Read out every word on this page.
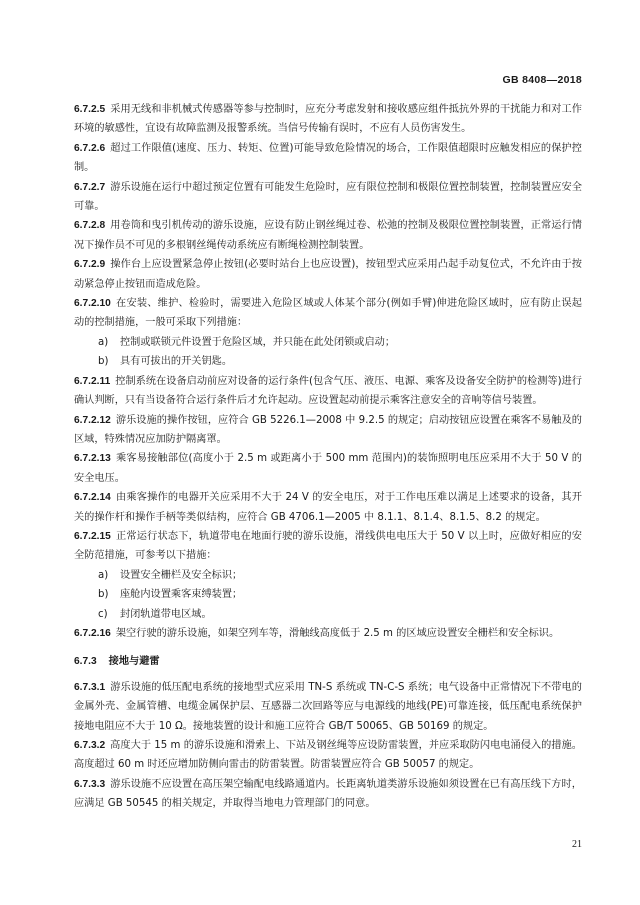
GB 8408—2018

6.7.2.5 采用无线和非机械式传感器等参与控制时，应充分考虑发射和接收感应组件抵抗外界的干扰能力和对工作环境的敏感性，宜设有故障监测及报警系统。当信号传输有误时，不应有人员伤害发生。

6.7.2.6 超过工作限值(速度、压力、转矩、位置)可能导致危险情况的场合，工作限值超限时应触发相应的保护控制。

6.7.2.7 游乐设施在运行中超过预定位置有可能发生危险时，应有限位控制和极限位置控制装置，控制装置应安全可靠。

6.7.2.8 用卷筒和曳引机传动的游乐设施，应设有防止钢丝绳过卷、松弛的控制及极限位置控制装置，正常运行情况下操作员不可见的多根钢丝绳传动系统应有断绳检测控制装置。

6.7.2.9 操作台上应设置紧急停止按钮(必要时站台上也应设置)，按钮型式应采用凸起手动复位式，不允许由于按动紧急停止按钮而造成危险。

6.7.2.10 在安装、维护、检验时，需要进入危险区域或人体某个部分(例如手臂)伸进危险区域时，应有防止误起动的控制措施，一般可采取下列措施：

a) 控制或联锁元件设置于危险区域，并只能在此处闭锁或启动；

b) 具有可拔出的开关钥匙。

6.7.2.11 控制系统在设备启动前应对设备的运行条件(包含气压、液压、电源、乘客及设备安全防护的检测等)进行确认判断，只有当设备符合运行条件后才允许起动。应设置起动前提示乘客注意安全的音响等信号装置。

6.7.2.12 游乐设施的操作按钮，应符合 GB 5226.1—2008 中 9.2.5 的规定；启动按钮应设置在乘客不易触及的区域，特殊情况应加防护隔离罩。

6.7.2.13 乘客易接触部位(高度小于 2.5 m 或距离小于 500 mm 范围内)的装饰照明电压应采用不大于 50 V 的安全电压。

6.7.2.14 由乘客操作的电器开关应采用不大于 24 V 的安全电压，对于工作电压难以满足上述要求的设备，其开关的操作杆和操作手柄等类似结构，应符合 GB 4706.1—2005 中 8.1.1、8.1.4、8.1.5、8.2 的规定。

6.7.2.15 正常运行状态下，轨道带电在地面行驶的游乐设施，滑线供电电压大于 50 V 以上时，应做好相应的安全防范措施，可参考以下措施：

a) 设置安全栅栏及安全标识；

b) 座舱内设置乘客束缚装置；

c) 封闭轨道带电区域。

6.7.2.16 架空行驶的游乐设施，如架空列车等，滑触线高度低于 2.5 m 的区域应设置安全栅栏和安全标识。

6.7.3 接地与避雷

6.7.3.1 游乐设施的低压配电系统的接地型式应采用 TN-S 系统或 TN-C-S 系统；电气设备中正常情况下不带电的金属外壳、金属管槽、电缆金属保护层、互感器二次回路等应与电源线的地线(PE)可靠连接，低压配电系统保护接地电阻应不大于 10 Ω。接地装置的设计和施工应符合 GB/T 50065、GB 50169 的规定。

6.7.3.2 高度大于 15 m 的游乐设施和滑索上、下站及钢丝绳等应设防雷装置，并应采取防闪电电涌侵入的措施。高度超过 60 m 时还应增加防侧向雷击的防雷装置。防雷装置应符合 GB 50057 的规定。

6.7.3.3 游乐设施不应设置在高压架空输配电线路通道内。长距离轨道类游乐设施如须设置在已有高压线下方时，应满足 GB 50545 的相关规定，并取得当地电力管理部门的同意。

21
